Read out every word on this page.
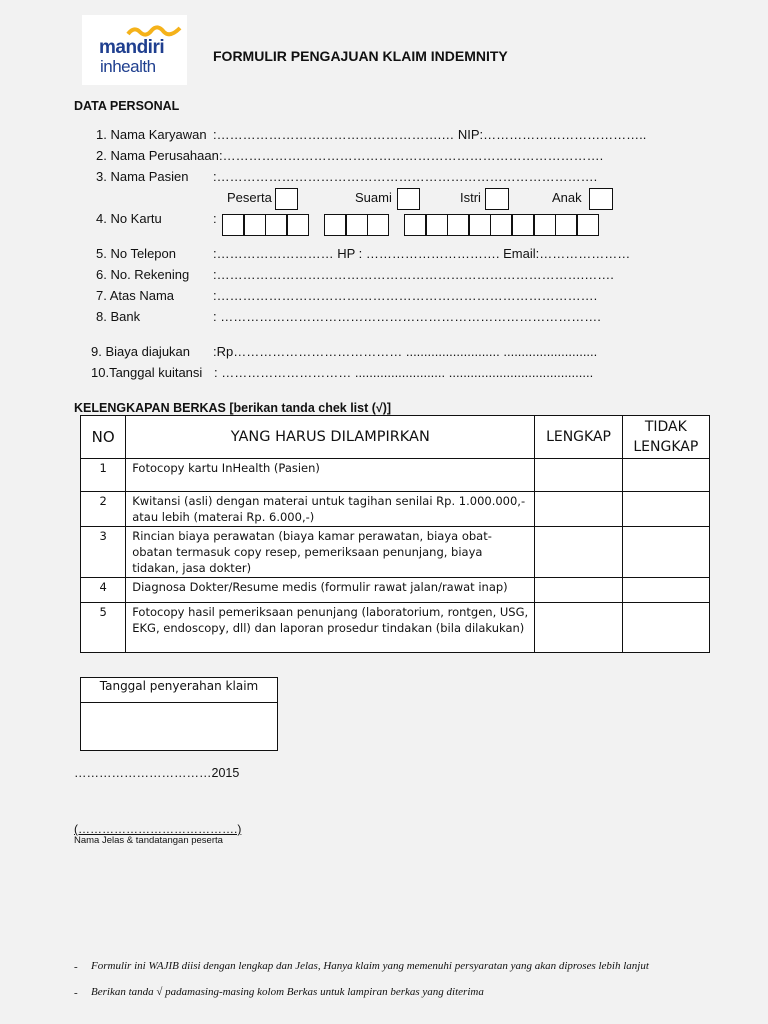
mandiri
inhealth
FORMULIR PENGAJUAN KLAIM INDEMNITY
DATA PERSONAL
1. Nama Karyawan :…………………………………………….… NIP:………………………………..
2. Nama Perusahaan :…………………………………………………………………………….
3. Nama Pasien :…………………………………………………………………………….
Peserta	Suami	Istri	Anak
4. No Kartu	:
5. No Telepon	:……………………… HP : …………………………. Email:…………………
6. No. Rekening :………………………………………………………………………….…….
7. Atas Nama	:…………………………………………………………………………….
8. Bank	: …………………………………………………………………………….
9. Biaya diajukan :Rp………………………………… .......................... ..........................
10.Tanggal kuitansi : ………………………… ......................... ........................................
KELENGKAPAN BERKAS [berikan tanda chek list (√)]
NO	YANG HARUS DILAMPIRKAN	LENGKAP	TIDAK LENGKAP
1	Fotocopy kartu InHealth (Pasien)		
2	Kwitansi (asli) dengan materai untuk tagihan senilai Rp. 1.000.000,- atau lebih (materai Rp. 6.000,-)		
3	Rincian biaya perawatan (biaya kamar perawatan, biaya obat-obatan termasuk copy resep, pemeriksaan penunjang, biaya tidakan, jasa dokter)		
4	Diagnosa Dokter/Resume medis (formulir rawat jalan/rawat inap)		
5	Fotocopy hasil pemeriksaan penunjang (laboratorium, rontgen, USG, EKG, endoscopy, dll) dan laporan prosedur tindakan (bila dilakukan)		
Tanggal penyerahan klaim
……………………………2015
(………………………………….)
Nama Jelas & tandatangan peserta
- Formulir ini WAJIB diisi dengan lengkap dan Jelas, Hanya klaim yang memenuhi persyaratan yang akan diproses lebih lanjut
- Berikan tanda √ padamasing-masing kolom Berkas untuk lampiran berkas yang diterima
